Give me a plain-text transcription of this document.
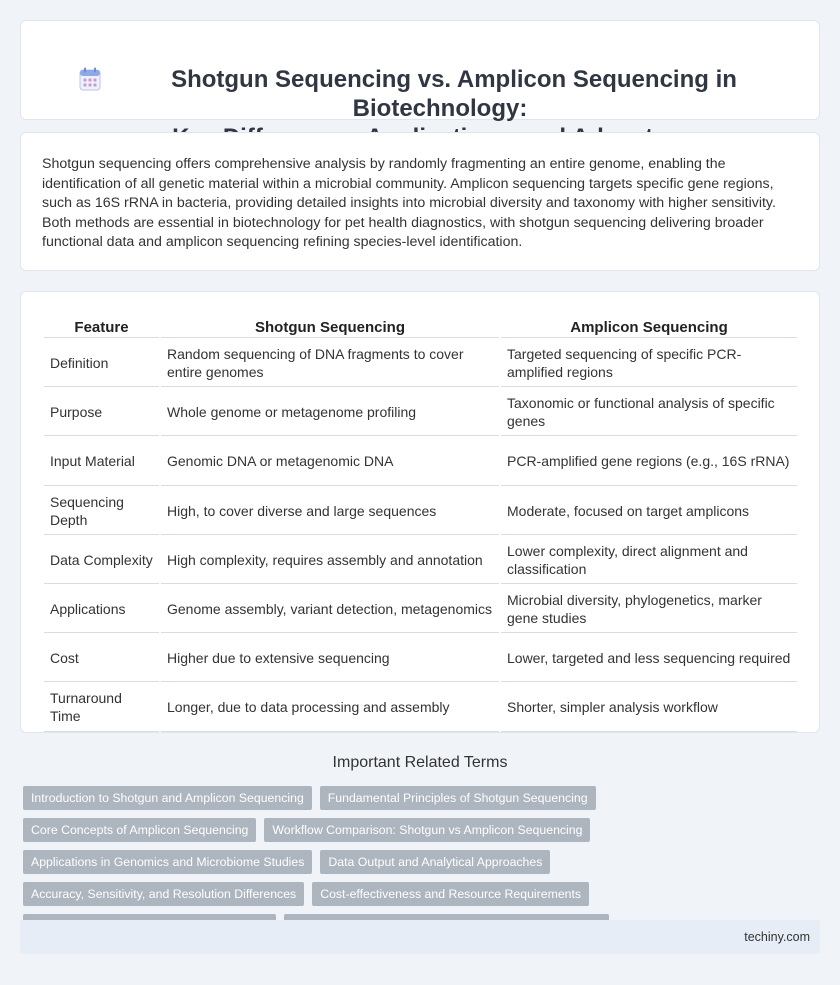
Shotgun Sequencing vs. Amplicon Sequencing in Biotechnology:

Shotgun sequencing offers comprehensive analysis by randomly fragmenting an entire genome, enabling the identification of all genetic material within a microbial community. Amplicon sequencing targets specific gene regions, such as 16S rRNA in bacteria, providing detailed insights into microbial diversity and taxonomy with higher sensitivity. Both methods are essential in biotechnology for pet health diagnostics, with shotgun sequencing delivering broader functional data and amplicon sequencing refining species-level identification.

Feature	Shotgun Sequencing	Amplicon Sequencing
Definition	Random sequencing of DNA fragments to cover entire genomes	Targeted sequencing of specific PCR-amplified regions
Purpose	Whole genome or metagenome profiling	Taxonomic or functional analysis of specific genes
Input Material	Genomic DNA or metagenomic DNA	PCR-amplified gene regions (e.g., 16S rRNA)
Sequencing Depth	High, to cover diverse and large sequences	Moderate, focused on target amplicons
Data Complexity	High complexity, requires assembly and annotation	Lower complexity, direct alignment and classification
Applications	Genome assembly, variant detection, metagenomics	Microbial diversity, phylogenetics, marker gene studies
Cost	Higher due to extensive sequencing	Lower, targeted and less sequencing required
Turnaround Time	Longer, due to data processing and assembly	Shorter, simpler analysis workflow
Important Related Terms
Introduction to Shotgun and Amplicon Sequencing	Fundamental Principles of Shotgun Sequencing
Core Concepts of Amplicon Sequencing	Workflow Comparison: Shotgun vs Amplicon Sequencing
Applications in Genomics and Microbiome Studies	Data Output and Analytical Approaches
Accuracy, Sensitivity, and Resolution Differences	Cost-effectiveness and Resource Requirements
techiny.com
